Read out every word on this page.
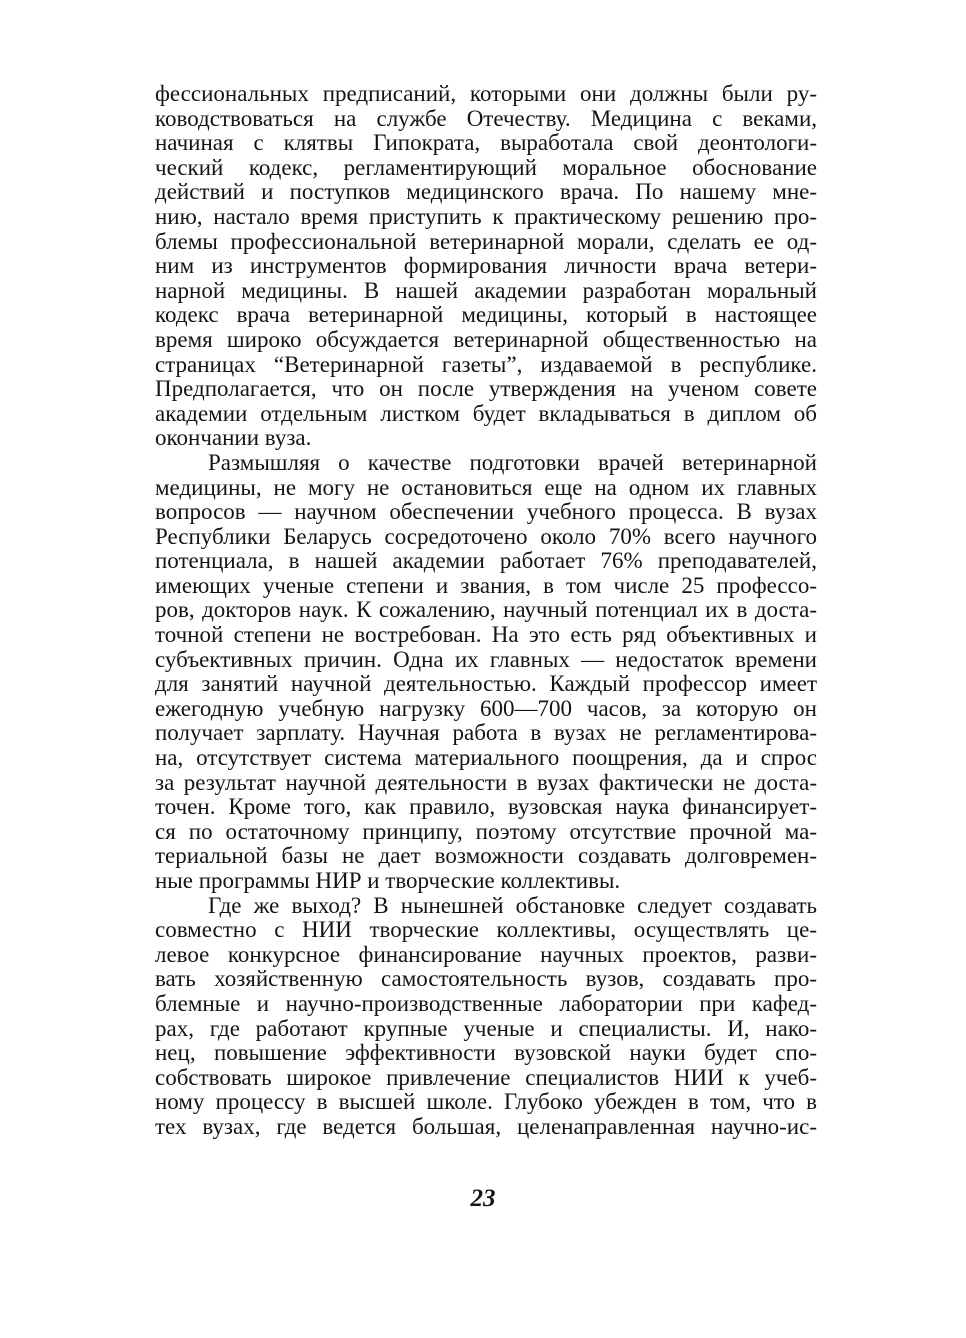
фессиональных предписаний, которыми они должны были ру-
ководствоваться на службе Отечеству. Медицина с веками,
начиная с клятвы Гипократа, выработала свой деонтологи-
ческий кодекс, регламентирующий моральное обоснование
действий и поступков медицинского врача. По нашему мне-
нию, настало время приступить к практическому решению про-
блемы профессиональной ветеринарной морали, сделать ее од-
ним из инструментов формирования личности врача ветери-
нарной медицины. В нашей академии разработан моральный
кодекс врача ветеринарной медицины, который в настоящее
время широко обсуждается ветеринарной общественностью на
страницах “Ветеринарной газеты”, издаваемой в республике.
Предполагается, что он после утверждения на ученом совете
академии отдельным листком будет вкладываться в диплом об
окончании вуза.
Размышляя о качестве подготовки врачей ветеринарной
медицины, не могу не остановиться еще на одном их главных
вопросов — научном обеспечении учебного процесса. В вузах
Республики Беларусь сосредоточено около 70% всего научного
потенциала, в нашей академии работает 76% преподавателей,
имеющих ученые степени и звания, в том числе 25 профессо-
ров, докторов наук. К сожалению, научный потенциал их в доста-
точной степени не востребован. На это есть ряд объективных и
субъективных причин. Одна их главных — недостаток времени
для занятий научной деятельностью. Каждый профессор имеет
ежегодную учебную нагрузку 600—700 часов, за которую он
получает зарплату. Научная работа в вузах не регламентирова-
на, отсутствует система материального поощрения, да и спрос
за результат научной деятельности в вузах фактически не доста-
точен. Кроме того, как правило, вузовская наука финансирует-
ся по остаточному принципу, поэтому отсутствие прочной ма-
териальной базы не дает возможности создавать долговремен-
ные программы НИР и творческие коллективы.
Где же выход? В нынешней обстановке следует создавать
совместно с НИИ творческие коллективы, осуществлять це-
левое конкурсное финансирование научных проектов, разви-
вать хозяйственную самостоятельность вузов, создавать про-
блемные и научно-производственные лаборатории при кафед-
рах, где работают крупные ученые и специалисты. И, нако-
нец, повышение эффективности вузовской науки будет спо-
собствовать широкое привлечение специалистов НИИ к учеб-
ному процессу в высшей школе. Глубоко убежден в том, что в
тех вузах, где ведется большая, целенаправленная научно-ис-
23
